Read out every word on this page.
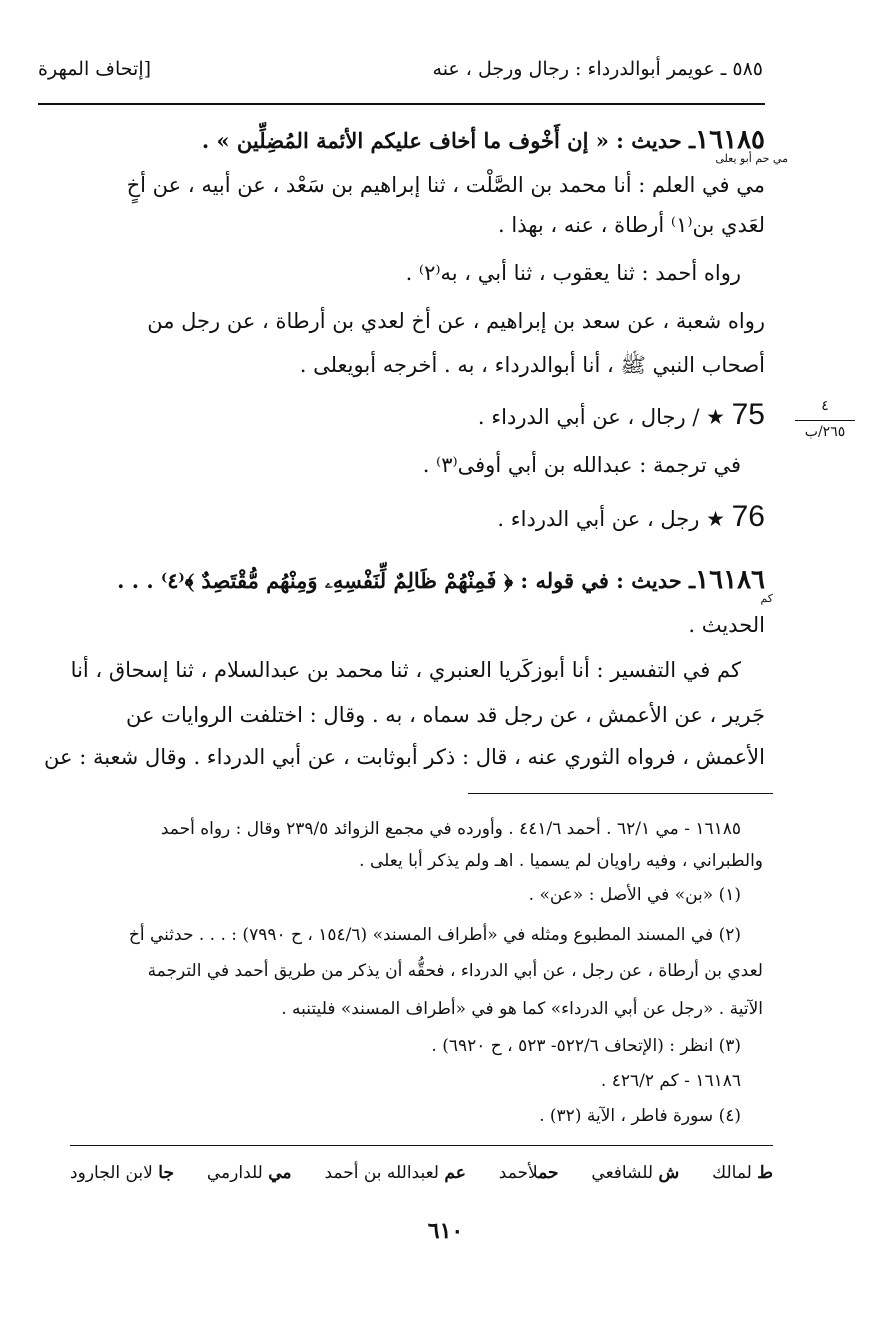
٥٨٥ ـ عويمر أبوالدرداء : رجال ورجل ، عنه
[إتحاف المهرة
١٦١٨٥ـ حديث : « إن أَخْوف ما أخاف عليكم الأئمة المُضِلِّين » .
مي حم أبو يعلى
مي في العلم : أنا محمد بن الصَّلْت ، ثنا إبراهيم بن سَعْد ، عن أبيه ، عن أخٍ
لعَدي بن⁽١⁾ أرطاة ، عنه ، بهذا .
رواه أحمد : ثنا يعقوب ، ثنا أبي ، به⁽٢⁾ .
رواه شعبة ، عن سعد بن إبراهيم ، عن أخ لعدي بن أرطاة ، عن رجل من
أصحاب النبي ﷺ ، أنا أبوالدرداء ، به . أخرجه أبويعلى .
٤
٢٦٥/ب
75 ★ / رجال ، عن أبي الدرداء .
في ترجمة : عبدالله بن أبي أوفى⁽٣⁾ .
76 ★ رجل ، عن أبي الدرداء .
١٦١٨٦ـ حديث : في قوله : ﴿ فَمِنْهُمْ ظَالِمٌ لِّنَفْسِهِۦ وَمِنْهُم مُّقْتَصِدٌ ﴾⁽٤⁾ . . .
كم
الحديث .
كم في التفسير : أنا أبوزكَريا العنبري ، ثنا محمد بن عبدالسلام ، ثنا إسحاق ، أنا
جَرير ، عن الأعمش ، عن رجل قد سماه ، به . وقال : اختلفت الروايات عن
الأعمش ، فرواه الثوري عنه ، قال : ذكر أبوثابت ، عن أبي الدرداء . وقال شعبة : عن
١٦١٨٥ - مي ٦٢/١ . أحمد ٤٤١/٦ . وأورده في مجمع الزوائد ٢٣٩/٥ وقال : رواه أحمد
والطبراني ، وفيه راويان لم يسميا . اهـ ولم يذكر أبا يعلى .
(١) «بن» في الأصل : «عن» .
(٢) في المسند المطبوع ومثله في «أطراف المسند» (١٥٤/٦ ، ح ٧٩٩٠) : . . . حدثني أخ
لعدي بن أرطاة ، عن رجل ، عن أبي الدرداء ، فحقُّه أن يذكر من طريق أحمد في الترجمة
الآتية . «رجل عن أبي الدرداء» كما هو في «أطراف المسند» فليتنبه .
(٣) انظر : (الإتحاف ٥٢٢/٦- ٥٢٣ ، ح ٦٩٢٠) .
١٦١٨٦ - كم ٤٢٦/٢ .
(٤) سورة فاطر ، الآية (٣٢) .
ط لمالك
ش للشافعي
حملأحمد
عم لعبدالله بن أحمد
مي للدارمي
جا لابن الجارود
٦١٠
